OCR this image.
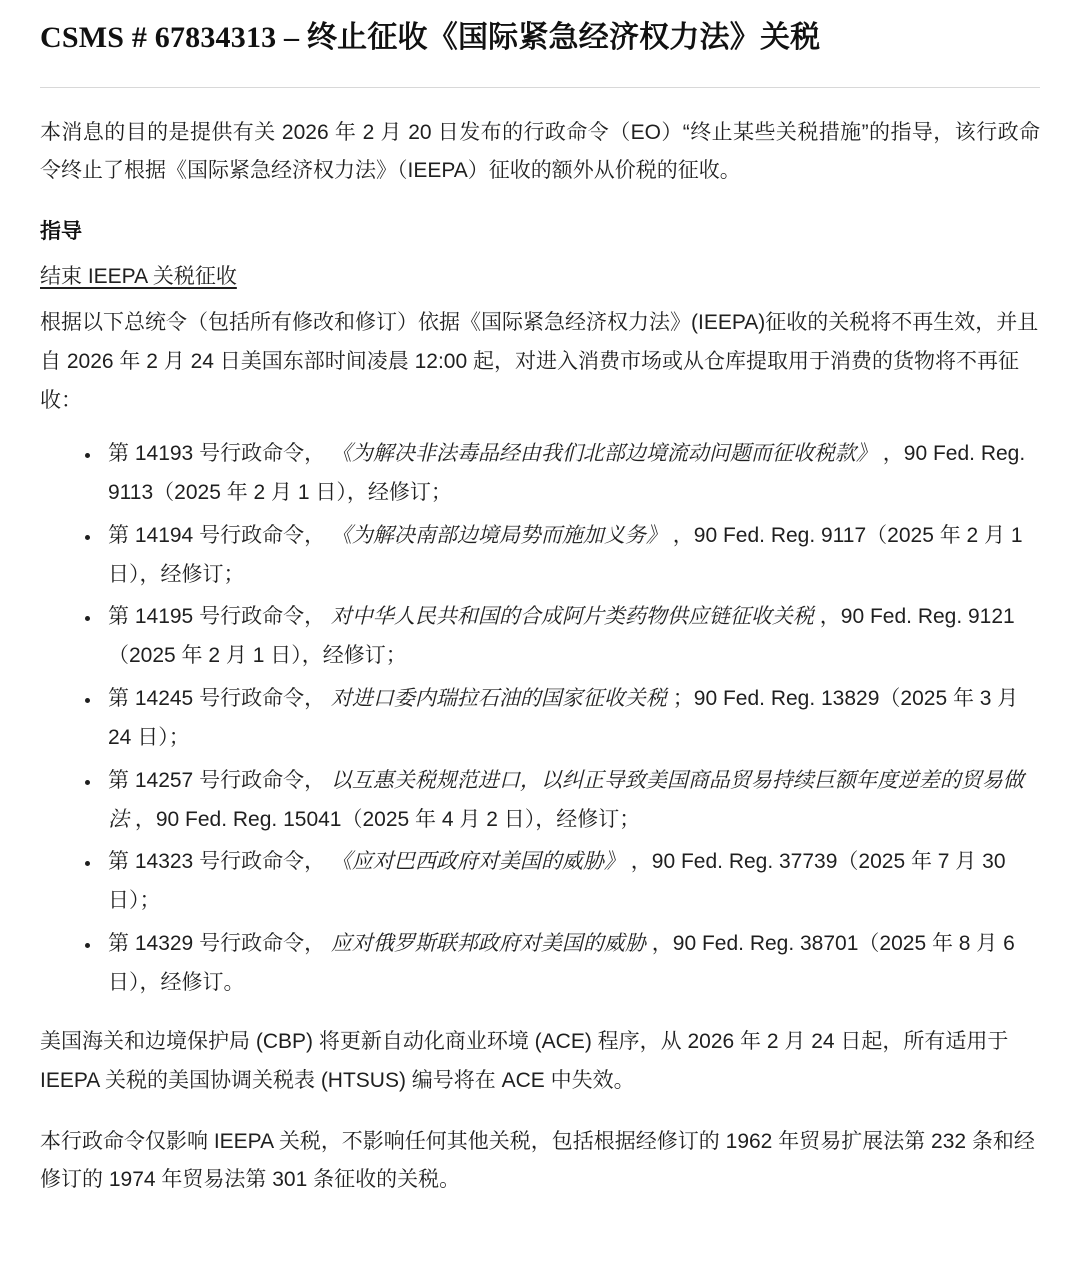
CSMS # 67834313 – 终止征收《国际紧急经济权力法》关税

本消息的目的是提供有关 2026 年 2 月 20 日发布的行政命令（EO）“终止某些关税措施”的指导，该行政命令终止了根据《国际紧急经济权力法》（IEEPA）征收的额外从价税的征收。

指导
结束 IEEPA 关税征收

根据以下总统令（包括所有修改和修订）依据《国际紧急经济权力法》(IEEPA)征收的关税将不再生效，并且自 2026 年 2 月 24 日美国东部时间凌晨 12:00 起，对进入消费市场或从仓库提取用于消费的货物将不再征收：

• 第 14193 号行政命令， 《为解决非法毒品经由我们北部边境流动问题而征收税款》 ，90 Fed. Reg. 9113（2025 年 2 月 1 日），经修订；
• 第 14194 号行政命令， 《为解决南部边境局势而施加义务》 ，90 Fed. Reg. 9117（2025 年 2 月 1 日），经修订；
• 第 14195 号行政命令， 对中华人民共和国的合成阿片类药物供应链征收关税 ，90 Fed. Reg. 9121（2025 年 2 月 1 日），经修订；
• 第 14245 号行政命令， 对进口委内瑞拉石油的国家征收关税 ；90 Fed. Reg. 13829（2025 年 3 月 24 日）；
• 第 14257 号行政命令， 以互惠关税规范进口，以纠正导致美国商品贸易持续巨额年度逆差的贸易做法 ，90 Fed. Reg. 15041（2025 年 4 月 2 日），经修订；
• 第 14323 号行政命令， 《应对巴西政府对美国的威胁》 ，90 Fed. Reg. 37739（2025 年 7 月 30 日）；
• 第 14329 号行政命令， 应对俄罗斯联邦政府对美国的威胁 ，90 Fed. Reg. 38701（2025 年 8 月 6 日），经修订。

美国海关和边境保护局 (CBP) 将更新自动化商业环境 (ACE) 程序，从 2026 年 2 月 24 日起，所有适用于 IEEPA 关税的美国协调关税表 (HTSUS) 编号将在 ACE 中失效。

本行政命令仅影响 IEEPA 关税，不影响任何其他关税，包括根据经修订的 1962 年贸易扩展法第 232 条和经修订的 1974 年贸易法第 301 条征收的关税。
